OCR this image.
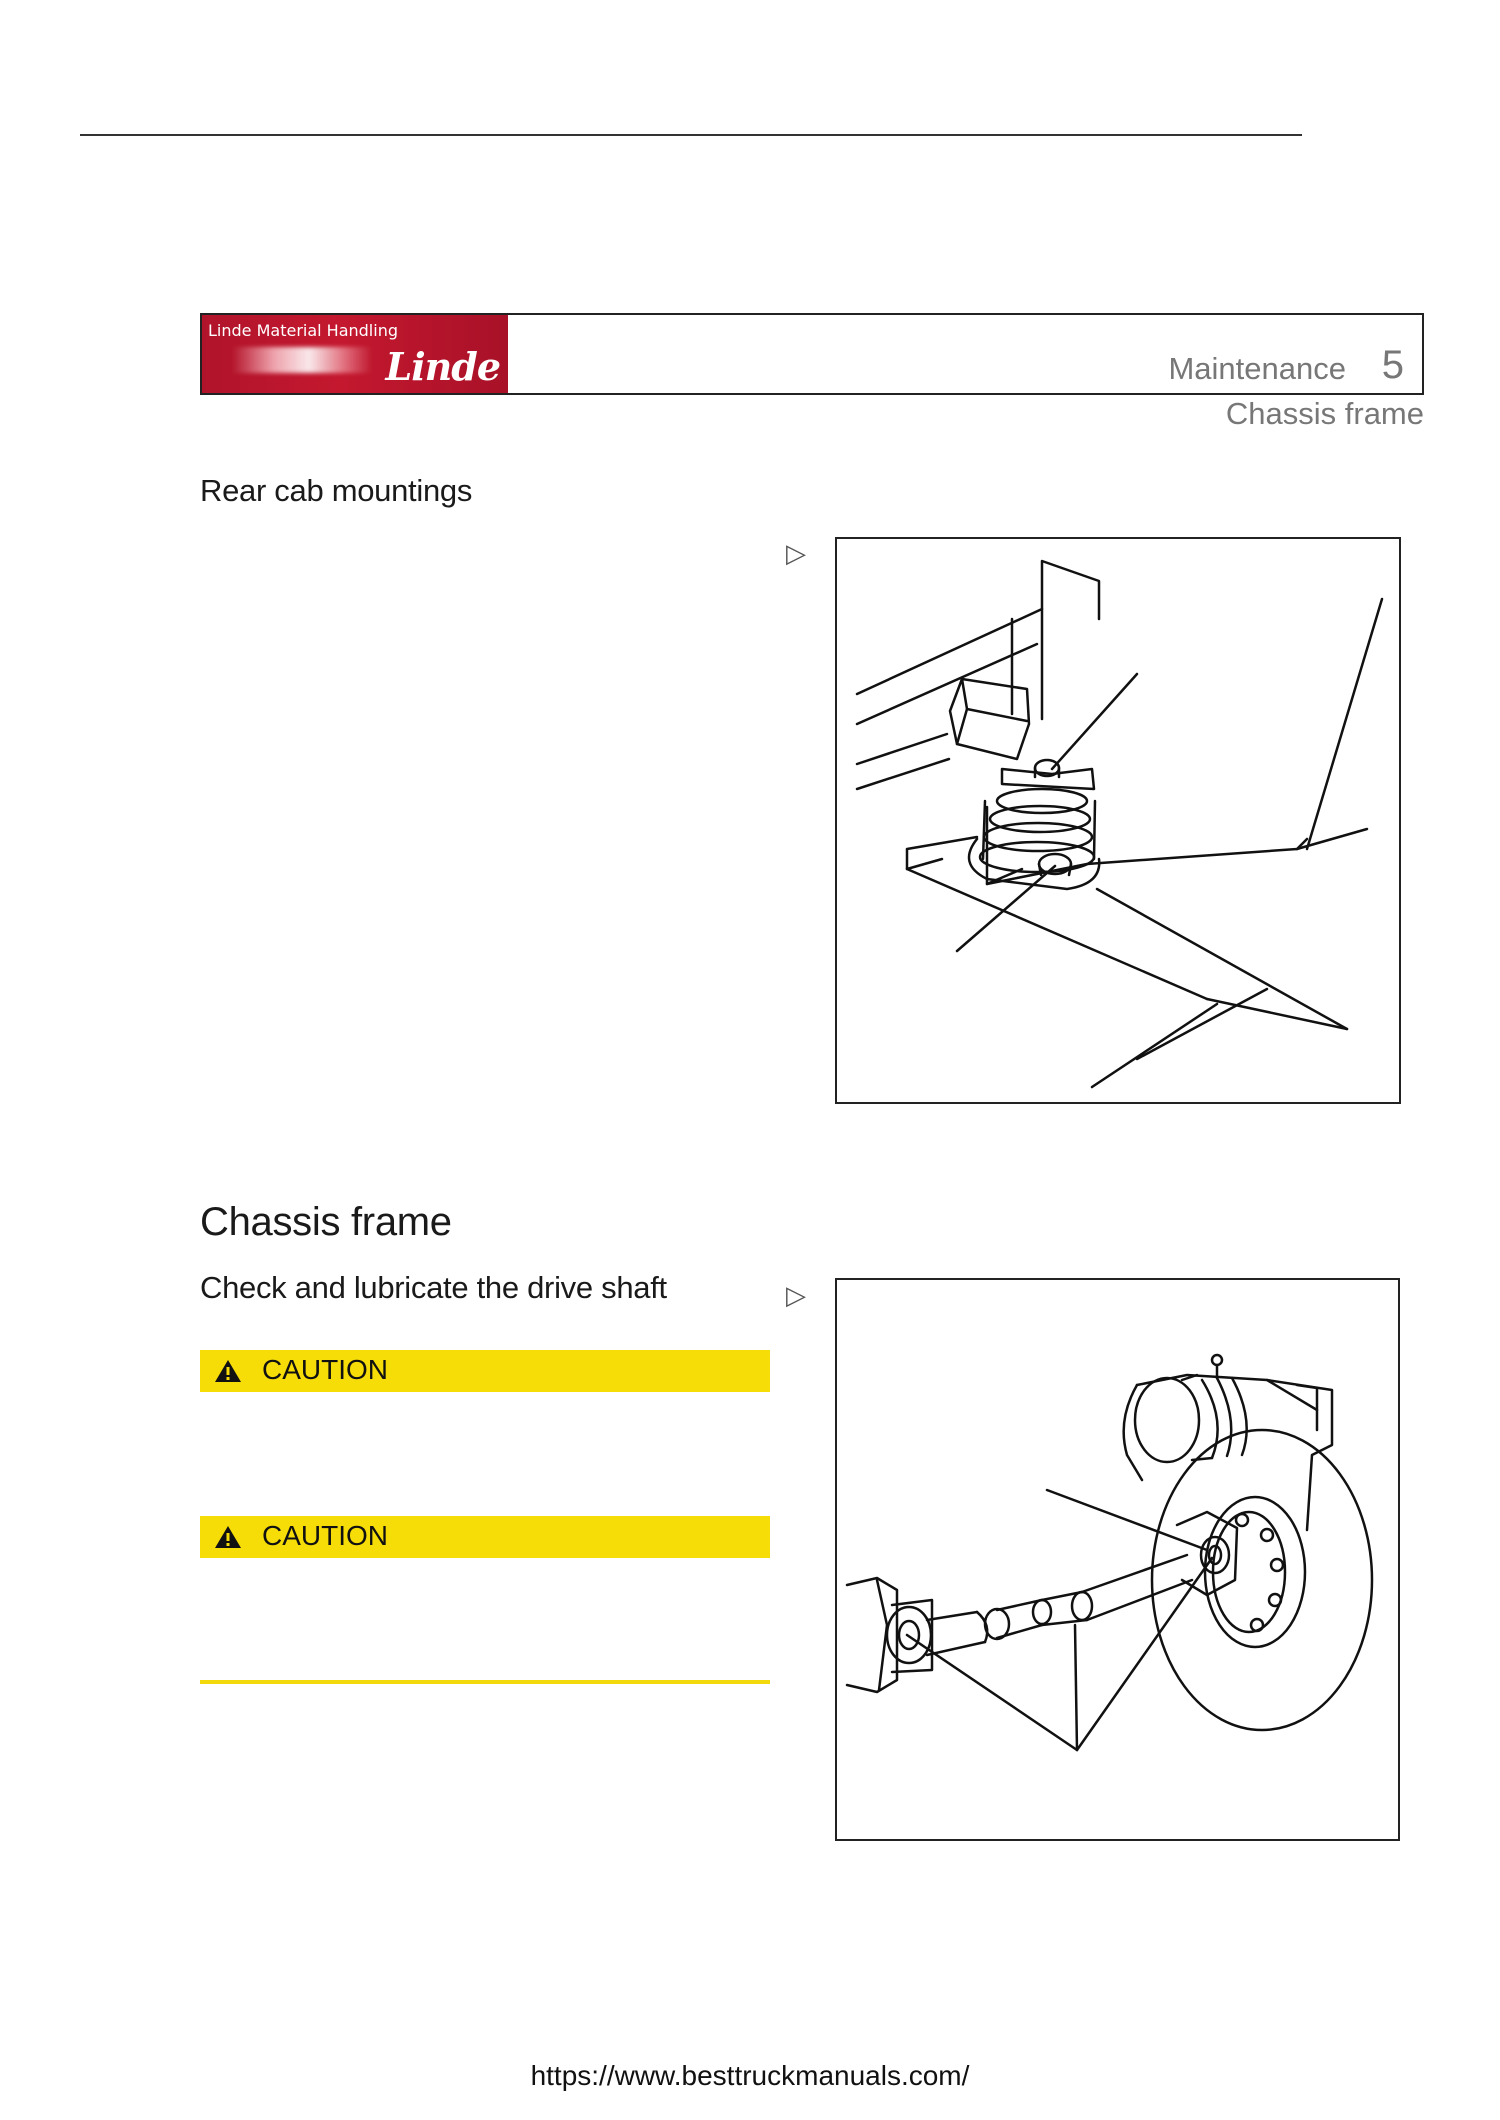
Linde Material Handling
Linde	Maintenance 5
Chassis frame
Rear cab mountings
▷
Chassis frame
Check and lubricate the drive shaft	▷
CAUTION
CAUTION
https://www.besttruckmanuals.com/
